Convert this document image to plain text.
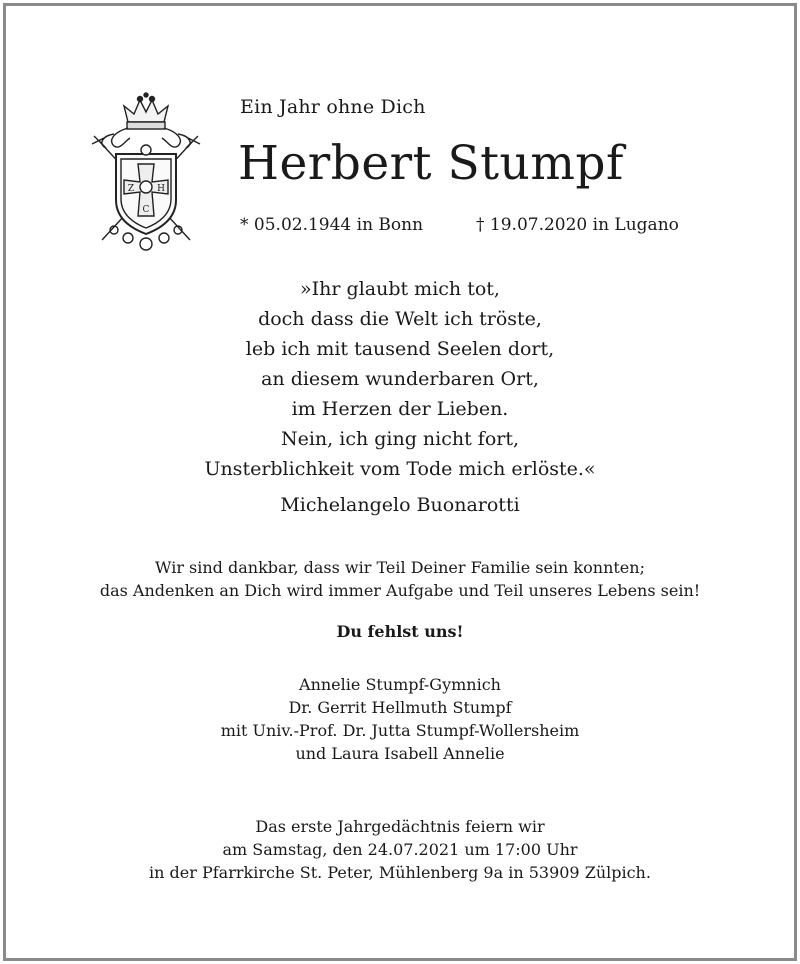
Z	H
C
Ein Jahr ohne Dich
Herbert Stumpf
* 05.02.1944 in Bonn	† 19.07.2020 in Lugano
»Ihr glaubt mich tot,
doch dass die Welt ich tröste,
leb ich mit tausend Seelen dort,
an diesem wunderbaren Ort,
im Herzen der Lieben.
Nein, ich ging nicht fort,
Unsterblichkeit vom Tode mich erlöste.«
Michelangelo Buonarotti
Wir sind dankbar, dass wir Teil Deiner Familie sein konnten;
das Andenken an Dich wird immer Aufgabe und Teil unseres Lebens sein!
Du fehlst uns!
Annelie Stumpf-Gymnich
Dr. Gerrit Hellmuth Stumpf
mit Univ.-Prof. Dr. Jutta Stumpf-Wollersheim
und Laura Isabell Annelie
Das erste Jahrgedächtnis feiern wir
am Samstag, den 24.07.2021 um 17:00 Uhr
in der Pfarrkirche St. Peter, Mühlenberg 9a in 53909 Zülpich.
